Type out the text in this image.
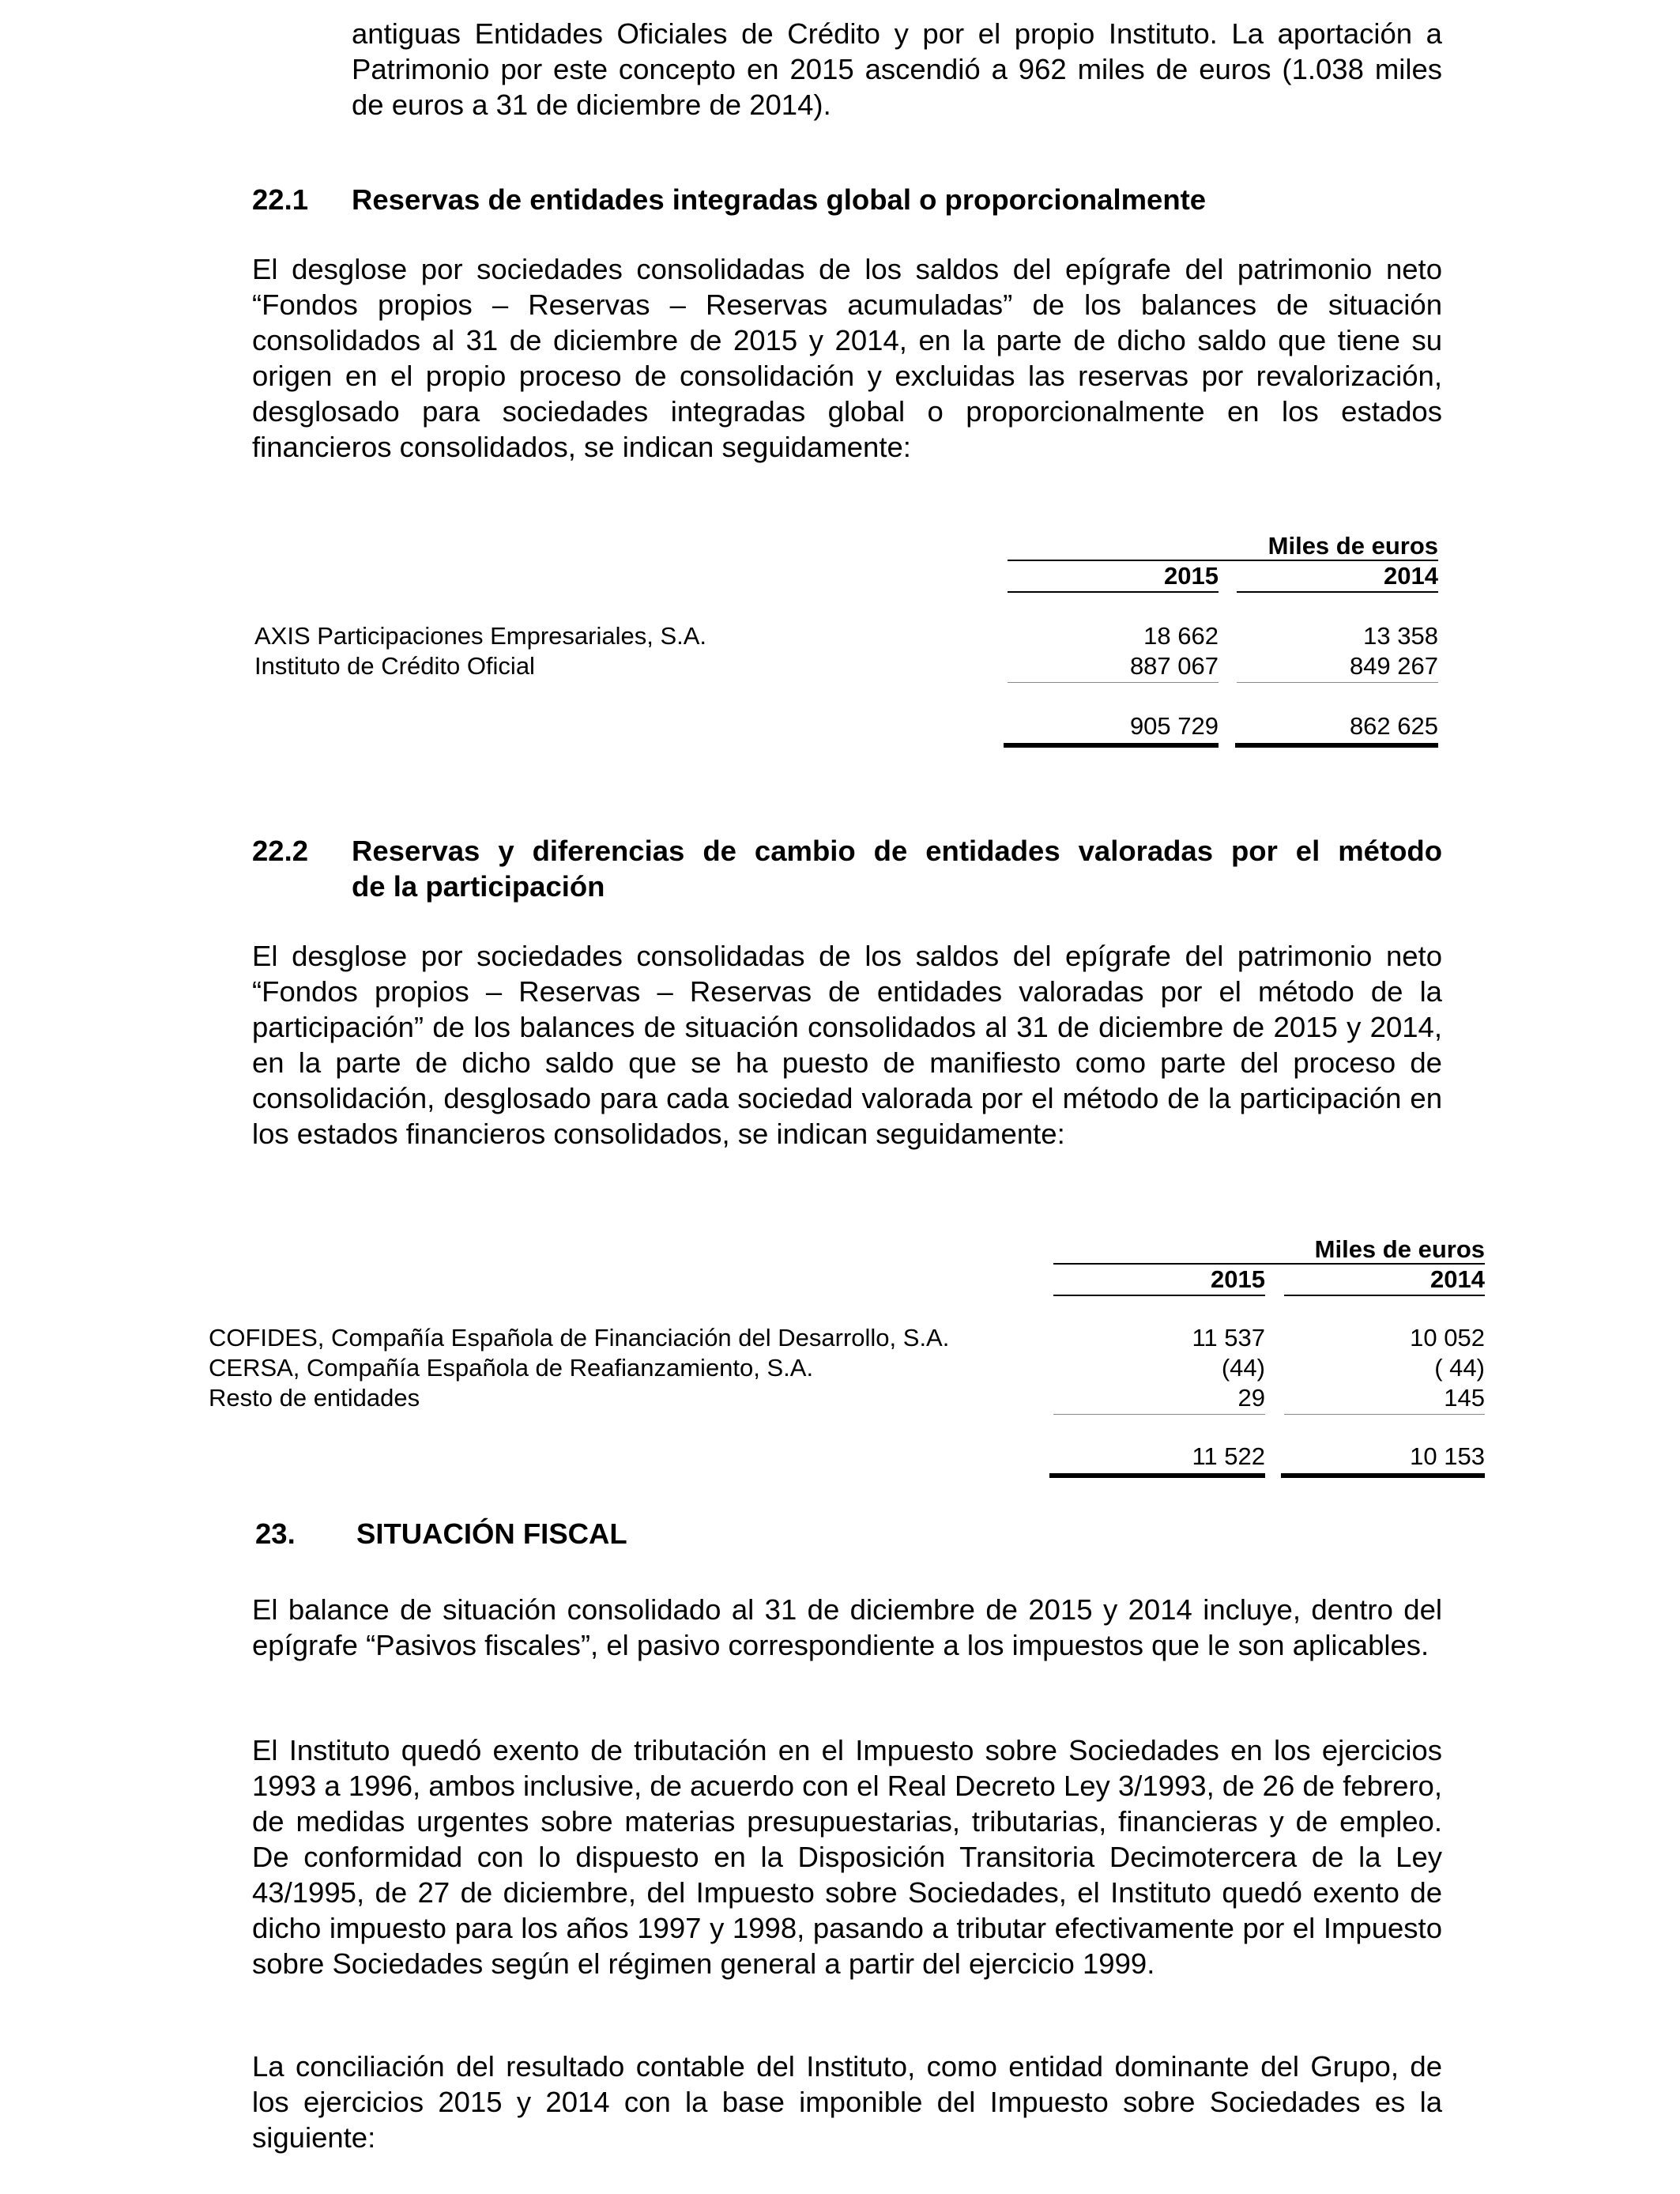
antiguas Entidades Oficiales de Crédito y por el propio Instituto. La aportación a Patrimonio por este concepto en 2015 ascendió a 962 miles de euros (1.038 miles de euros a 31 de diciembre de 2014).

22.1 Reservas de entidades integradas global o proporcionalmente

El desglose por sociedades consolidadas de los saldos del epígrafe del patrimonio neto “Fondos propios – Reservas – Reservas acumuladas” de los balances de situación consolidados al 31 de diciembre de 2015 y 2014, en la parte de dicho saldo que tiene su origen en el propio proceso de consolidación y excluidas las reservas por revalorización, desglosado para sociedades integradas global o proporcionalmente en los estados financieros consolidados, se indican seguidamente:

Miles de euros
2015	2014
AXIS Participaciones Empresariales, S.A.	18 662	13 358
Instituto de Crédito Oficial	887 067	849 267
905 729	862 625
22.2 Reservas y diferencias de cambio de entidades valoradas por el método
de la participación

El desglose por sociedades consolidadas de los saldos del epígrafe del patrimonio neto “Fondos propios – Reservas – Reservas de entidades valoradas por el método de la participación” de los balances de situación consolidados al 31 de diciembre de 2015 y 2014, en la parte de dicho saldo que se ha puesto de manifiesto como parte del proceso de consolidación, desglosado para cada sociedad valorada por el método de la participación en los estados financieros consolidados, se indican seguidamente:

Miles de euros
2015	2014
COFIDES, Compañía Española de Financiación del Desarrollo, S.A.	11 537	10 052
CERSA, Compañía Española de Reafianzamiento, S.A.	(44)	( 44)
Resto de entidades	29	145
11 522	10 153
23. SITUACIÓN FISCAL

El balance de situación consolidado al 31 de diciembre de 2015 y 2014 incluye, dentro del epígrafe “Pasivos fiscales”, el pasivo correspondiente a los impuestos que le son aplicables.

El Instituto quedó exento de tributación en el Impuesto sobre Sociedades en los ejercicios 1993 a 1996, ambos inclusive, de acuerdo con el Real Decreto Ley 3/1993, de 26 de febrero, de medidas urgentes sobre materias presupuestarias, tributarias, financieras y de empleo. De conformidad con lo dispuesto en la Disposición Transitoria Decimotercera de la Ley 43/1995, de 27 de diciembre, del Impuesto sobre Sociedades, el Instituto quedó exento de dicho impuesto para los años 1997 y 1998, pasando a tributar efectivamente por el Impuesto sobre Sociedades según el régimen general a partir del ejercicio 1999.

La conciliación del resultado contable del Instituto, como entidad dominante del Grupo, de los ejercicios 2015 y 2014 con la base imponible del Impuesto sobre Sociedades es la siguiente:
